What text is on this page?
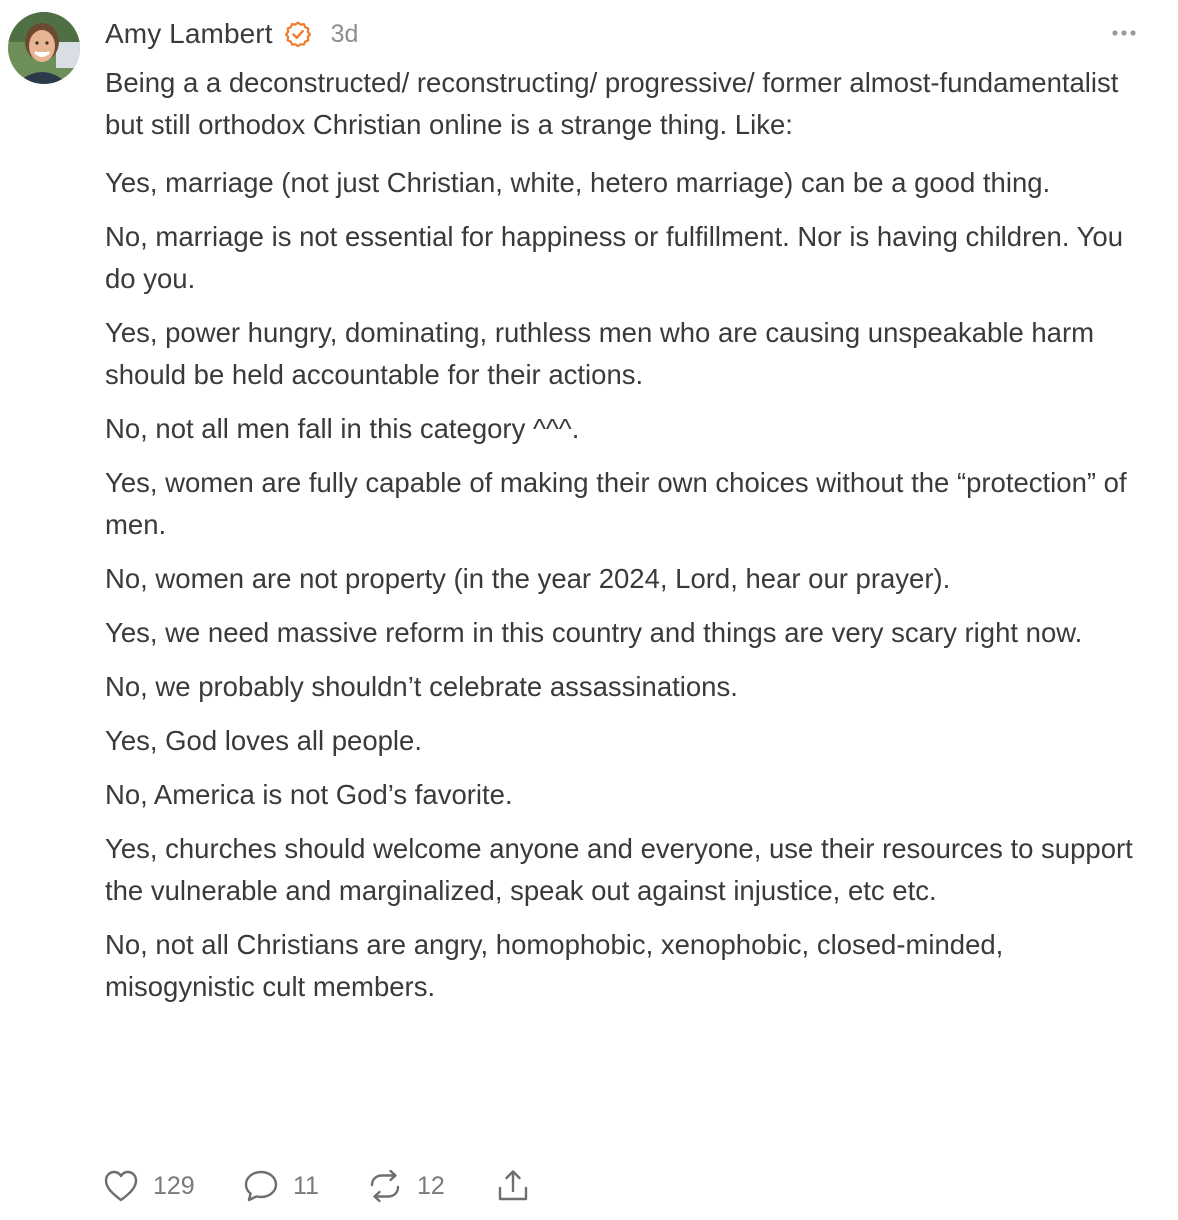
Amy Lambert 3d

Being a a deconstructed/ reconstructing/ progressive/ former almost-fundamentalist but still orthodox Christian online is a strange thing. Like:

Yes, marriage (not just Christian, white, hetero marriage) can be a good thing.

No, marriage is not essential for happiness or fulfillment. Nor is having children. You do you.

Yes, power hungry, dominating, ruthless men who are causing unspeakable harm should be held accountable for their actions.

No, not all men fall in this category ^^^.

Yes, women are fully capable of making their own choices without the “protection” of men.

No, women are not property (in the year 2024, Lord, hear our prayer).

Yes, we need massive reform in this country and things are very scary right now.

No, we probably shouldn’t celebrate assassinations.

Yes, God loves all people.

No, America is not God’s favorite.

Yes, churches should welcome anyone and everyone, use their resources to support the vulnerable and marginalized, speak out against injustice, etc etc.

No, not all Christians are angry, homophobic, xenophobic, closed-minded, misogynistic cult members.

129	11	12
